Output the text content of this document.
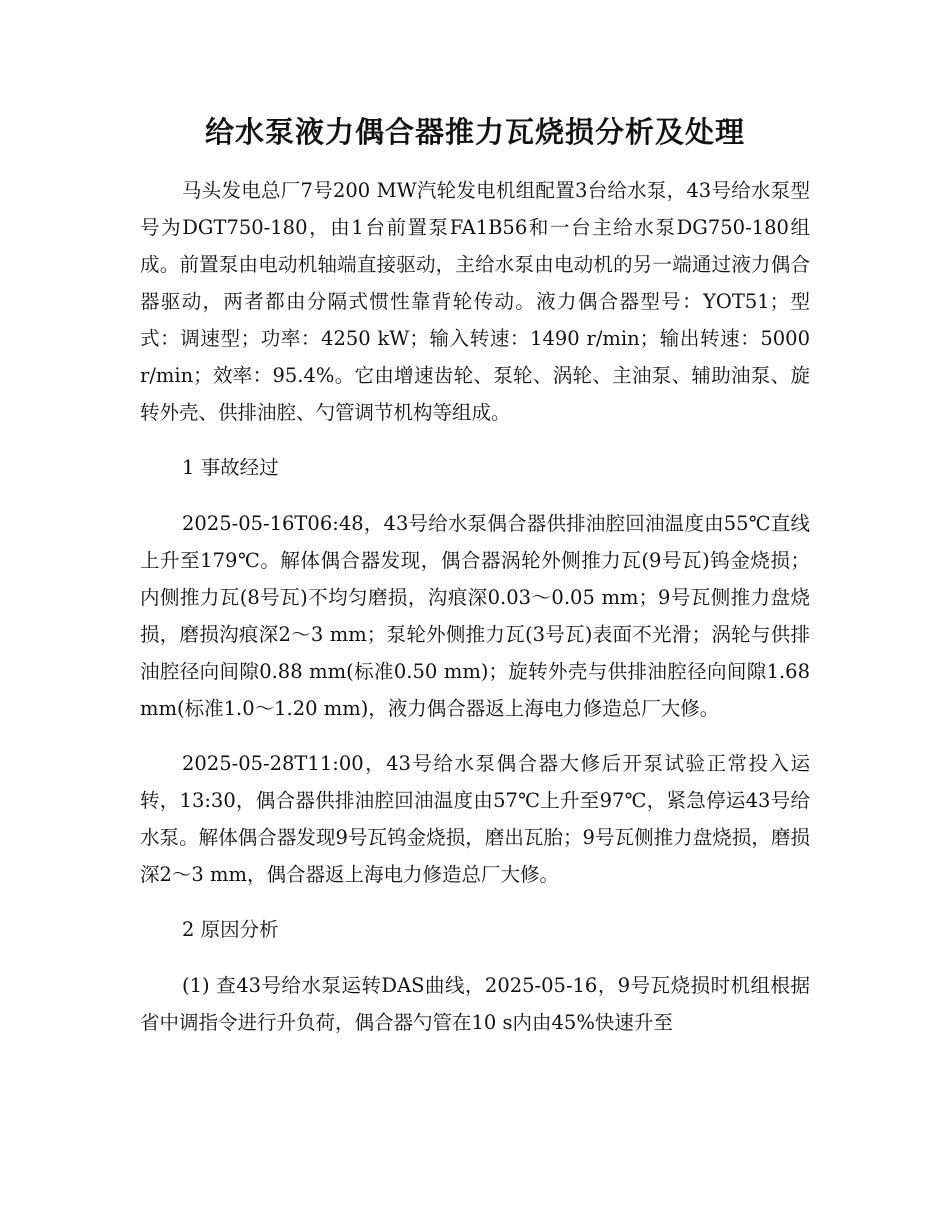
给水泵液力偶合器推力瓦烧损分析及处理

马头发电总厂7号200 MW汽轮发电机组配置3台给水泵，43号给水泵型号为DGT750-180，由1台前置泵FA1B56和一台主给水泵DG750-180组成。前置泵由电动机轴端直接驱动，主给水泵由电动机的另一端通过液力偶合器驱动，两者都由分隔式惯性靠背轮传动。液力偶合器型号：YOT51；型式：调速型；功率：4250 kW；输入转速：1490 r/min；输出转速：5000 r/min；效率：95.4%。它由增速齿轮、泵轮、涡轮、主油泵、辅助油泵、旋转外壳、供排油腔、勺管调节机构等组成。

1 事故经过

2025-05-16T06:48，43号给水泵偶合器供排油腔回油温度由55℃直线上升至179℃。解体偶合器发现，偶合器涡轮外侧推力瓦(9号瓦)钨金烧损；内侧推力瓦(8号瓦)不均匀磨损，沟痕深0.03～0.05 mm；9号瓦侧推力盘烧损，磨损沟痕深2～3 mm；泵轮外侧推力瓦(3号瓦)表面不光滑；涡轮与供排油腔径向间隙0.88 mm(标准0.50 mm)；旋转外壳与供排油腔径向间隙1.68 mm(标准1.0～1.20 mm)，液力偶合器返上海电力修造总厂大修。

2025-05-28T11:00，43号给水泵偶合器大修后开泵试验正常投入运转，13:30，偶合器供排油腔回油温度由57℃上升至97℃，紧急停运43号给水泵。解体偶合器发现9号瓦钨金烧损，磨出瓦胎；9号瓦侧推力盘烧损，磨损深2～3 mm，偶合器返上海电力修造总厂大修。

2 原因分析

(1) 查43号给水泵运转DAS曲线，2025-05-16，9号瓦烧损时机组根据省中调指令进行升负荷，偶合器勺管在10 s内由45%快速升至
